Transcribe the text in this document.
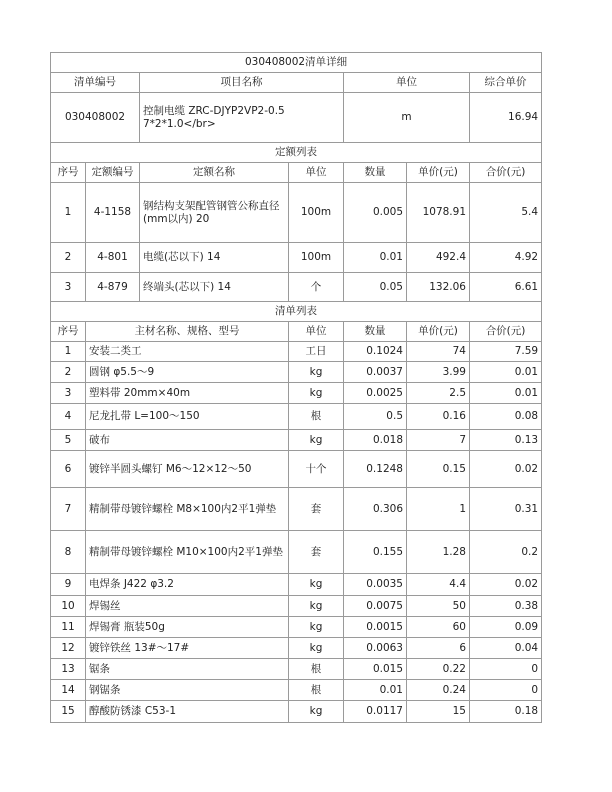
030408002清单详细						
清单编号		项目名称		单位		综合单价
030408002		控制电缆 ZRC-DJYP2VP2-0.5 7*2*1.0</br>		m		16.94
定额列表						
序号	定额编号	定额名称	单位	数量	单价(元)	合价(元)
1	4-1158	钢结构支架配管钢管公称直径(mm以内) 20	100m	0.005	1078.91	5.4
2	4-801	电缆(芯以下) 14	100m	0.01	492.4	4.92
3	4-879	终端头(芯以下) 14	个	0.05	132.06	6.61
清单列表						
序号	主材名称、规格、型号		单位	数量	单价(元)	合价(元)
1	安装二类工		工日	0.1024	74	7.59
2	圆钢 φ5.5～9		kg	0.0037	3.99	0.01
3	塑料带 20mm×40m		kg	0.0025	2.5	0.01
4	尼龙扎带 L=100～150		根	0.5	0.16	0.08
5	破布		kg	0.018	7	0.13
6	镀锌半圆头螺钉 M6～12×12～50		十个	0.1248	0.15	0.02
7	精制带母镀锌螺栓 M8×100内2平1弹垫		套	0.306	1	0.31
8	精制带母镀锌螺栓 M10×100内2平1弹垫		套	0.155	1.28	0.2
9	电焊条 J422 φ3.2		kg	0.0035	4.4	0.02
10	焊锡丝		kg	0.0075	50	0.38
11	焊锡膏 瓶装50g		kg	0.0015	60	0.09
12	镀锌铁丝 13#～17#		kg	0.0063	6	0.04
13	锯条		根	0.015	0.22	0
14	钢锯条		根	0.01	0.24	0
15	醇酸防锈漆 C53-1		kg	0.0117	15	0.18
